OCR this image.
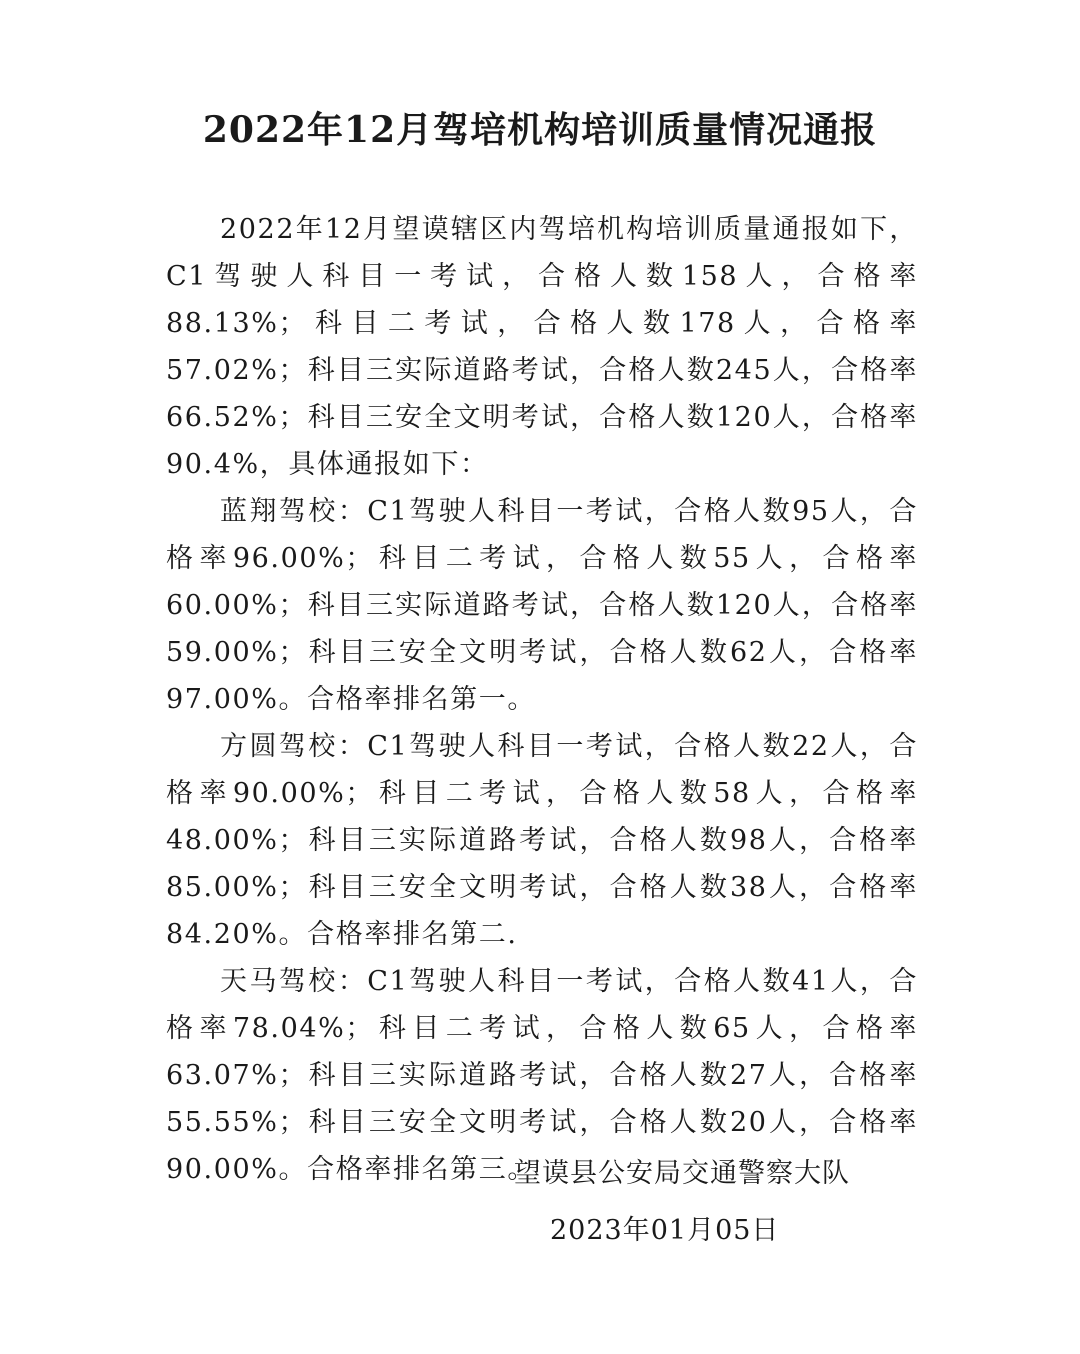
2022年12月驾培机构培训质量情况通报

2022年12月望谟辖区内驾培机构培训质量通报如下，C1驾驶人科目一考试，合格人数158人，合格率88.13%；科目二考试，合格人数178人，合格率57.02%；科目三实际道路考试，合格人数245人，合格率66.52%；科目三安全文明考试，合格人数120人，合格率90.4%，具体通报如下：

蓝翔驾校：C1驾驶人科目一考试，合格人数95人，合格率96.00%；科目二考试，合格人数55人，合格率60.00%；科目三实际道路考试，合格人数120人，合格率59.00%；科目三安全文明考试，合格人数62人，合格率97.00%。合格率排名第一。

方圆驾校：C1驾驶人科目一考试，合格人数22人，合格率90.00%；科目二考试，合格人数58人，合格率48.00%；科目三实际道路考试，合格人数98人，合格率85.00%；科目三安全文明考试，合格人数38人，合格率84.20%。合格率排名第二.

天马驾校：C1驾驶人科目一考试，合格人数41人，合格率78.04%；科目二考试，合格人数65人，合格率63.07%；科目三实际道路考试，合格人数27人，合格率55.55%；科目三安全文明考试，合格人数20人，合格率90.00%。合格率排名第三。

望谟县公安局交通警察大队
2023年01月05日
